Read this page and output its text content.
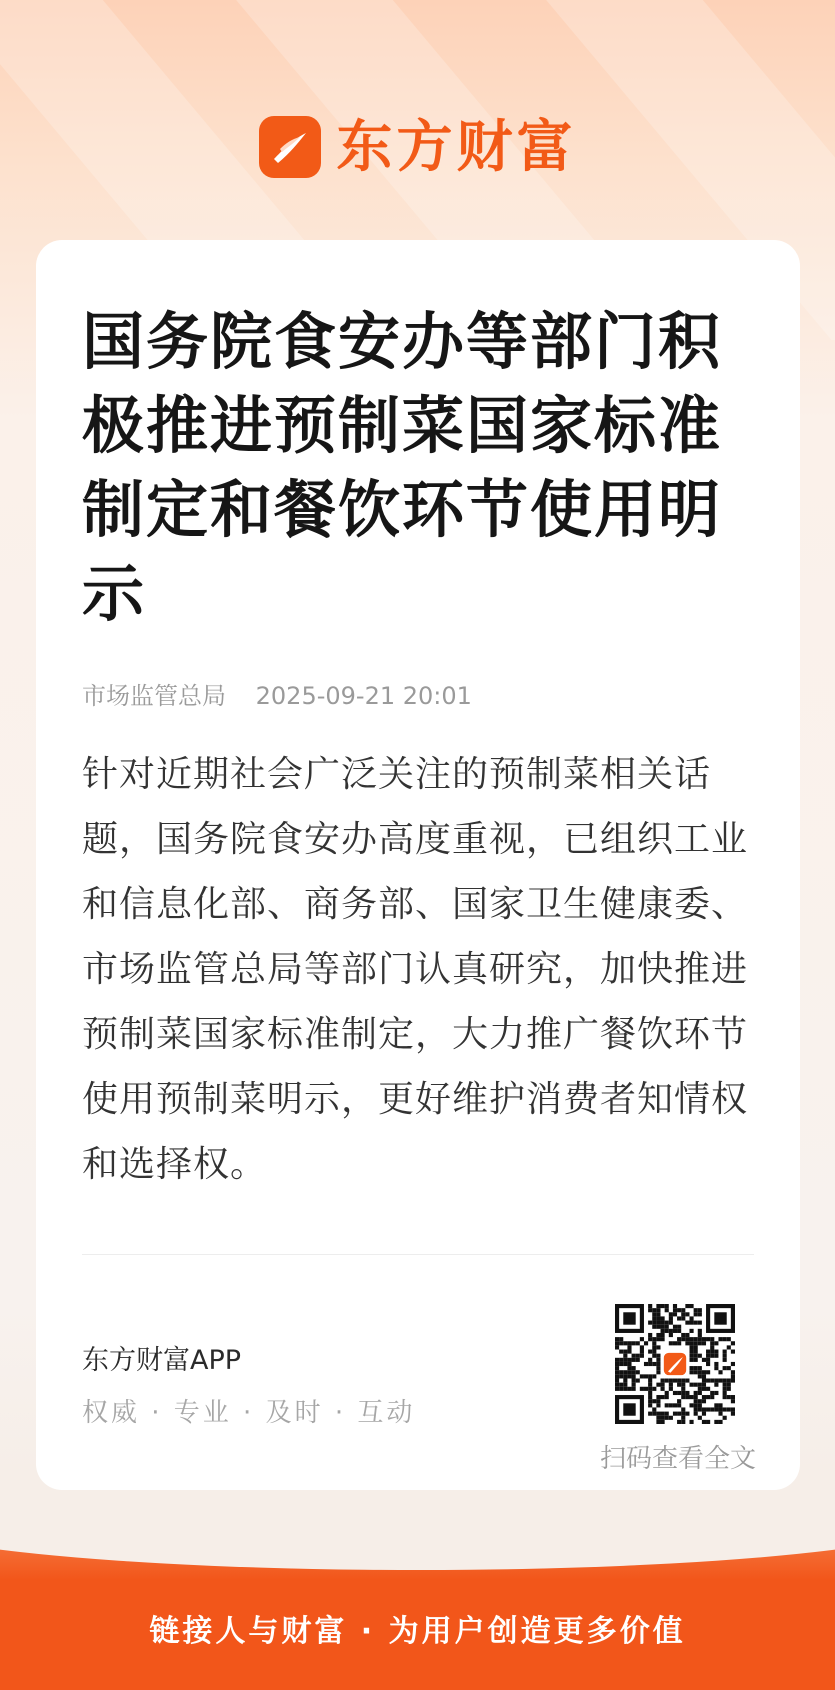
东方财富
国务院食安办等部门积极推进预制菜国家标准制定和餐饮环节使用明示
市场监管总局 2025-09-21 20:01

针对近期社会广泛关注的预制菜相关话题，国务院食安办高度重视，已组织工业和信息化部、商务部、国家卫生健康委、市场监管总局等部门认真研究，加快推进预制菜国家标准制定，大力推广餐饮环节使用预制菜明示，更好维护消费者知情权和选择权。

东方财富APP
权威 · 专业 · 及时 · 互动
扫码查看全文
链接人与财富 · 为用户创造更多价值
